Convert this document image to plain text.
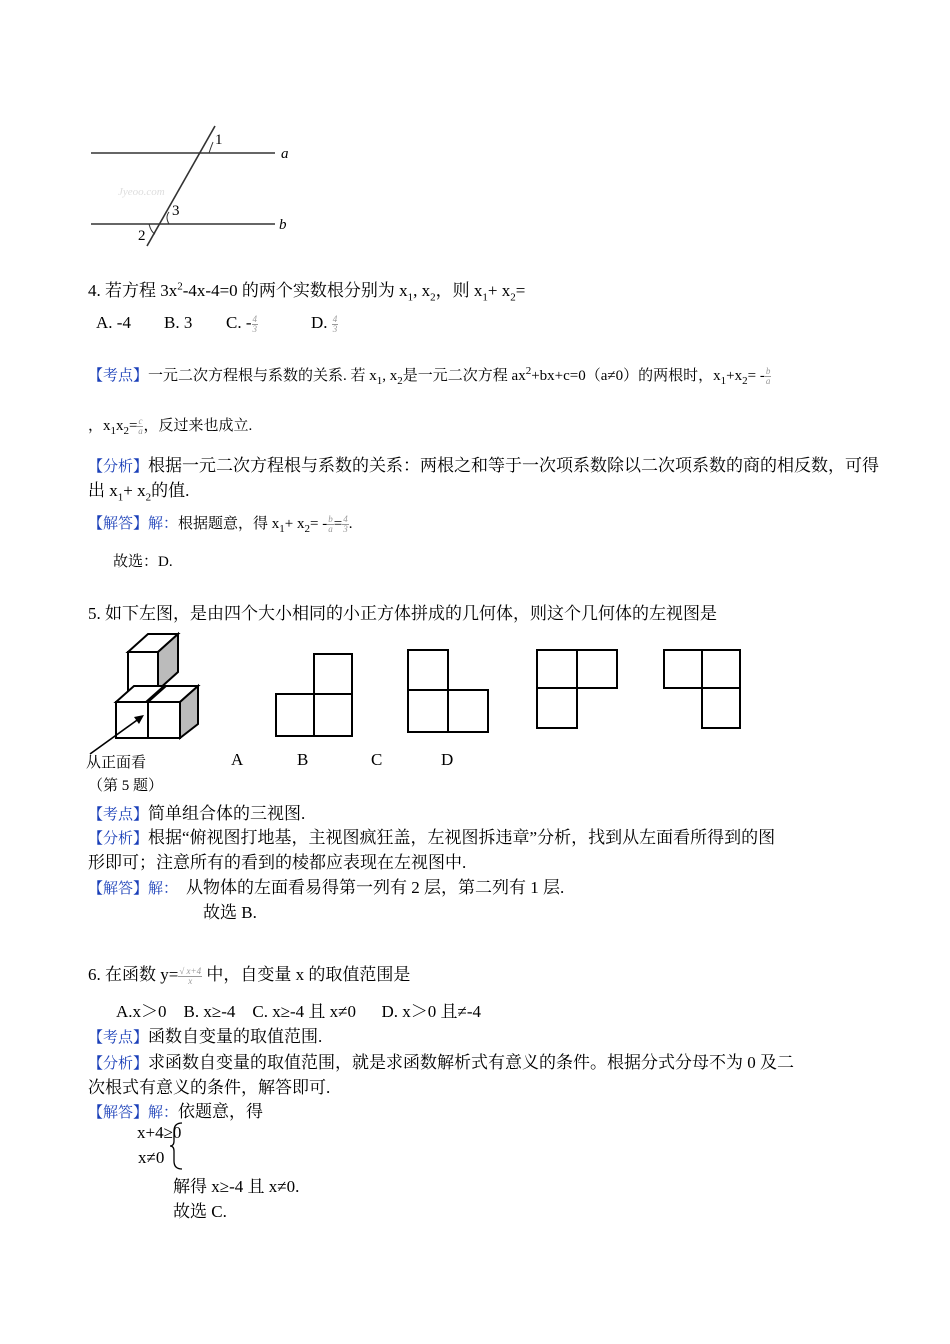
1
3
2
a
b
Jyeoo.com
4. 若方程 $3x^2-4x-4=0$ 的两个实数根分别为 $x_1$, $x_2$，则 $x_1+ x_2=$
A. -4 B. 3 C. - $\frac{4}{3}$	D. $\frac{4}{3}$
【考点】一元二次方程根与系数的关系. 若 $x_1$, $x_2$是一元二次方程 $ax^2+bx+c=0(a\ne 0)$的两根时，$x_1+x_2= - \frac{b}{a}$
，$x_1x_2= \frac{c}{a}$ ，反过来也成立.
【分析】根据一元二次方程根与系数的关系：两根之和等于一次项系数除以二次项系数的商的相反数，可得
出 $x_1+ x_2$的值.
【解答】解：根据题意，得 $x_1+ x_2= - \frac{b}{a} = \frac{4}{3}$ .
故选：D.
5. 如下左图，是由四个大小相同的小正方体拼成的几何体，则这个几何体的左视图是
从正面看	A	B	C	D
（第 5 题）
【考点】简单组合体的三视图.
【分析】根据“俯视图打地基，主视图疯狂盖，左视图拆违章”分析，找到从左面看所得到的图
形即可；注意所有的看到的棱都应表现在左视图中.
【解答】解： 从物体的左面看易得第一列有 2 层，第二列有 1 层.
故选 B.
6. 在函数 $y= \frac{√ x+4}{x}$ 中，自变量 x 的取值范围是
A.x＞0    B. x≥-4    C. x≥-4 且 x≠0      D. x＞0 且≠-4
【考点】函数自变量的取值范围.
【分析】求函数自变量的取值范围，就是求函数解析式有意义的条件。根据分式分母不为 0 及二
次根式有意义的条件，解答即可.
【解答】解：依题意，得
x+4≥0
x≠0
解得 x≥-4 且 x≠0.
故选 C.
